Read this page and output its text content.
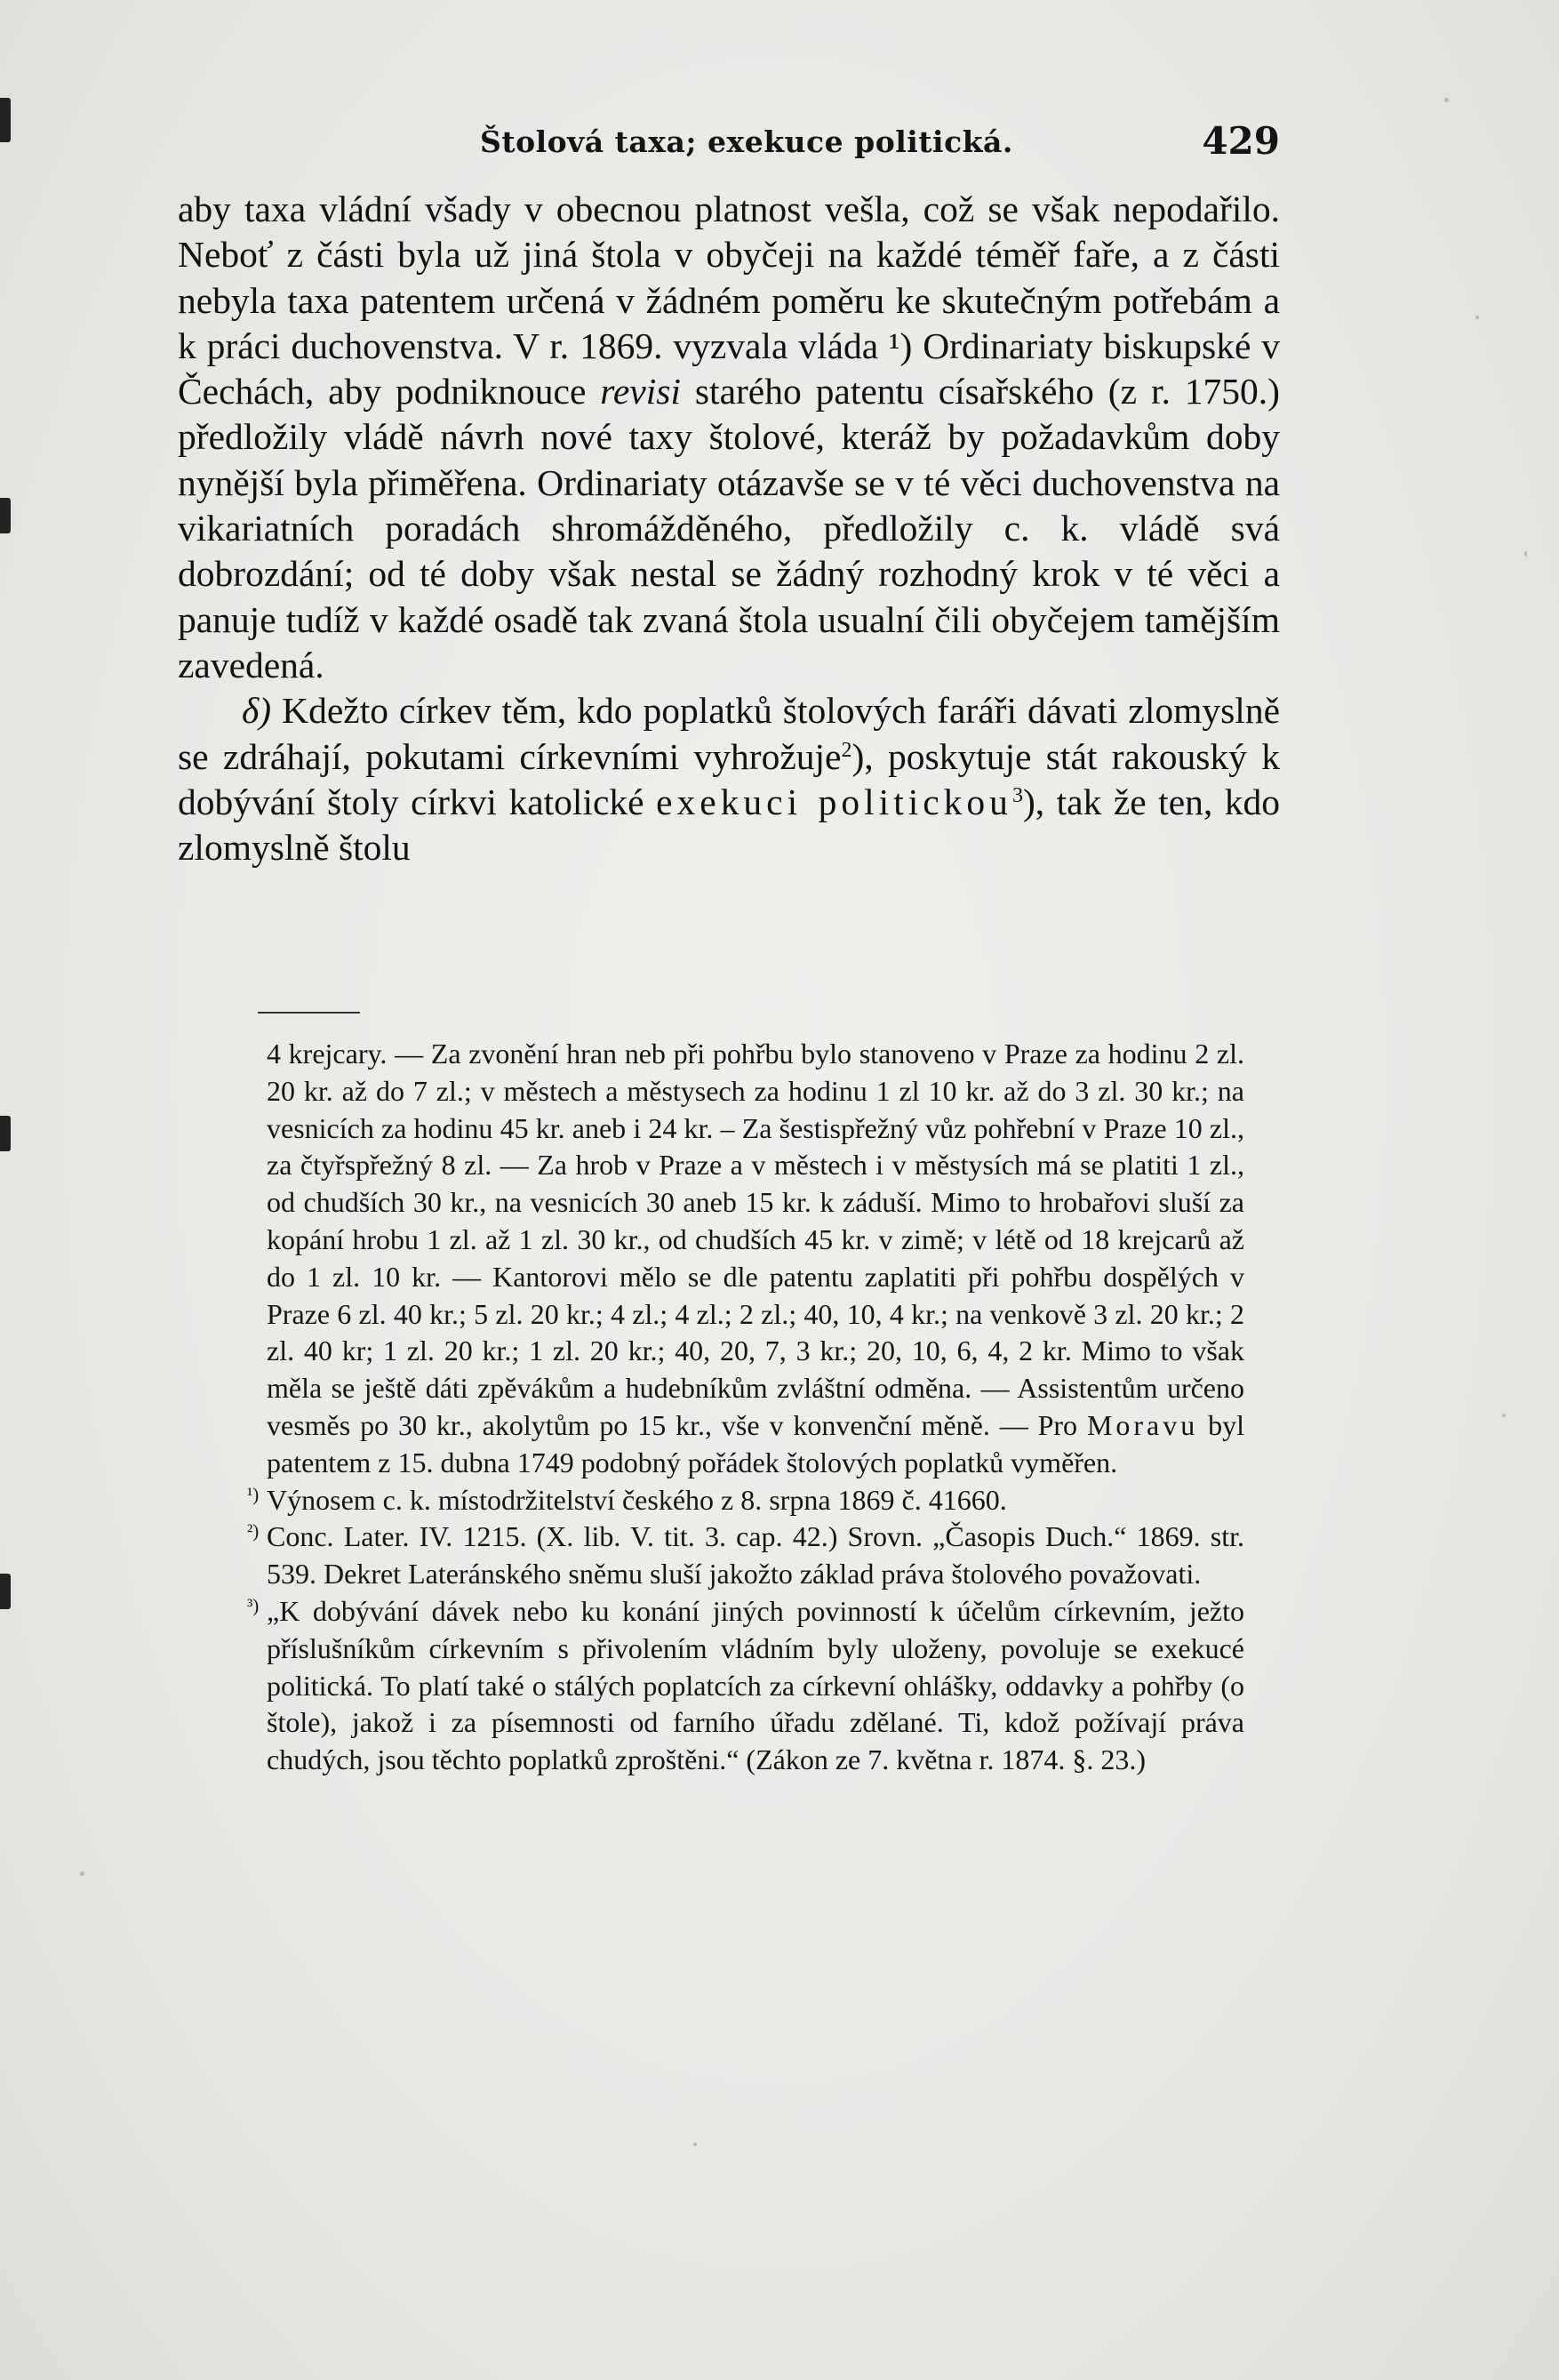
Štolová taxa; exekuce politická.	429

aby taxa vládní všady v obecnou platnost vešla, což se však nepodařilo. Neboť z části byla už jiná štola v obyčeji na každé téměř faře, a z části nebyla taxa patentem určená v žádném poměru ke skutečným potřebám a k práci duchovenstva. V r. 1869. vyzvala vláda ¹) Ordinariaty biskupské v Čechách, aby podniknouce revisi starého patentu císařského (z r. 1750.) předložily vládě návrh nové taxy štolové, kteráž by požadavkům doby nynější byla přiměřena. Ordinariaty otázavše se v té věci duchovenstva na vikariatních poradách shromážděného, předložily c. k. vládě svá dobrozdání; od té doby však nestal se žádný rozhodný krok v té věci a panuje tudíž v každé osadě tak zvaná štola usualní čili obyčejem tamějším zavedená.

δ) Kdežto církev těm, kdo poplatků štolových faráři dávati zlomyslně se zdráhají, pokutami církevními vyhrožuje$^2$), poskytuje stát rakouský k dobývání štoly církvi katolické exekuci politickou$^3$), tak že ten, kdo zlomyslně štolu

4 krejcary. — Za zvonění hran neb při pohřbu bylo stanoveno v Praze za hodinu 2 zl. 20 kr. až do 7 zl.; v městech a městysech za hodinu 1 zl 10 kr. až do 3 zl. 30 kr.; na vesnicích za hodinu 45 kr. aneb i 24 kr. – Za šestispřežný vůz pohřební v Praze 10 zl., za čtyřspřežný 8 zl. — Za hrob v Praze a v městech i v městysích má se platiti 1 zl., od chudších 30 kr., na vesnicích 30 aneb 15 kr. k záduší. Mimo to hrobařovi sluší za kopání hrobu 1 zl. až 1 zl. 30 kr., od chudších 45 kr. v zimě; v létě od 18 krejcarů až do 1 zl. 10 kr. — Kantorovi mělo se dle patentu zaplatiti při pohřbu dospělých v Praze 6 zl. 40 kr.; 5 zl. 20 kr.; 4 zl.; 4 zl.; 2 zl.; 40, 10, 4 kr.; na venkově 3 zl. 20 kr.; 2 zl. 40 kr; 1 zl. 20 kr.; 1 zl. 20 kr.; 40, 20, 7, 3 kr.; 20, 10, 6, 4, 2 kr. Mimo to však měla se ještě dáti zpěvákům a hudebníkům zvláštní odměna. — Assistentům určeno vesměs po 30 kr., akolytům po 15 kr., vše v konvenční měně. — Pro Moravu byl patentem z 15. dubna 1749 podobný pořádek štolových poplatků vyměřen.

¹) Výnosem c. k. místodržitelství českého z 8. srpna 1869 č. 41660.

²) Conc. Later. IV. 1215. (X. lib. V. tit. 3. cap. 42.) Srovn. „Časopis Duch.“ 1869. str. 539. Dekret Lateránského sněmu sluší jakožto základ práva štolového považovati.

³) „K dobývání dávek nebo ku konání jiných povinností k účelům církevním, ježto příslušníkům církevním s přivolením vládním byly uloženy, povoluje se exekucé politická. To platí také o stálých poplatcích za církevní ohlášky, oddavky a pohřby (o štole), jakož i za písemnosti od farního úřadu zdělané. Ti, kdož požívají práva chudých, jsou těchto poplatků zproštěni.“ (Zákon ze 7. května r. 1874. §. 23.)
